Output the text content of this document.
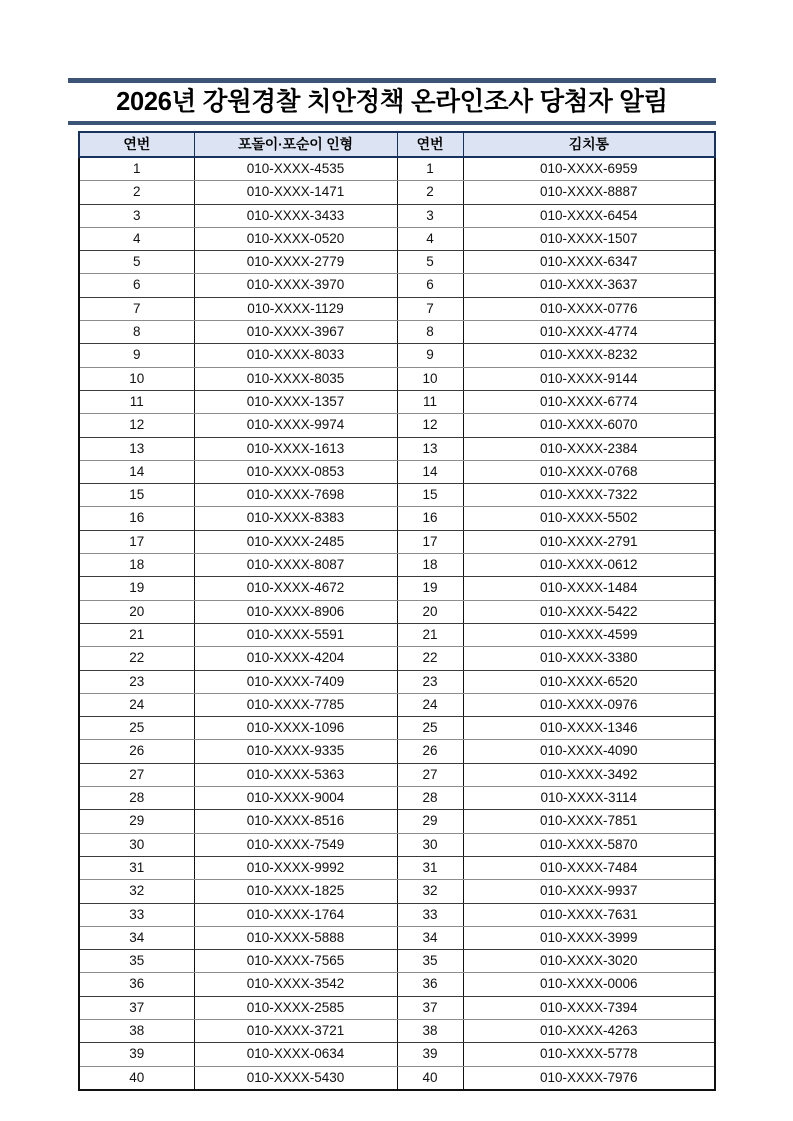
2026년 강원경찰 치안정책 온라인조사 당첨자 알림
연번	포돌이·포순이 인형	연번	김치통
1	010-XXXX-4535	1	010-XXXX-6959
2	010-XXXX-1471	2	010-XXXX-8887
3	010-XXXX-3433	3	010-XXXX-6454
4	010-XXXX-0520	4	010-XXXX-1507
5	010-XXXX-2779	5	010-XXXX-6347
6	010-XXXX-3970	6	010-XXXX-3637
7	010-XXXX-1129	7	010-XXXX-0776
8	010-XXXX-3967	8	010-XXXX-4774
9	010-XXXX-8033	9	010-XXXX-8232
10	010-XXXX-8035	10	010-XXXX-9144
11	010-XXXX-1357	11	010-XXXX-6774
12	010-XXXX-9974	12	010-XXXX-6070
13	010-XXXX-1613	13	010-XXXX-2384
14	010-XXXX-0853	14	010-XXXX-0768
15	010-XXXX-7698	15	010-XXXX-7322
16	010-XXXX-8383	16	010-XXXX-5502
17	010-XXXX-2485	17	010-XXXX-2791
18	010-XXXX-8087	18	010-XXXX-0612
19	010-XXXX-4672	19	010-XXXX-1484
20	010-XXXX-8906	20	010-XXXX-5422
21	010-XXXX-5591	21	010-XXXX-4599
22	010-XXXX-4204	22	010-XXXX-3380
23	010-XXXX-7409	23	010-XXXX-6520
24	010-XXXX-7785	24	010-XXXX-0976
25	010-XXXX-1096	25	010-XXXX-1346
26	010-XXXX-9335	26	010-XXXX-4090
27	010-XXXX-5363	27	010-XXXX-3492
28	010-XXXX-9004	28	010-XXXX-3114
29	010-XXXX-8516	29	010-XXXX-7851
30	010-XXXX-7549	30	010-XXXX-5870
31	010-XXXX-9992	31	010-XXXX-7484
32	010-XXXX-1825	32	010-XXXX-9937
33	010-XXXX-1764	33	010-XXXX-7631
34	010-XXXX-5888	34	010-XXXX-3999
35	010-XXXX-7565	35	010-XXXX-3020
36	010-XXXX-3542	36	010-XXXX-0006
37	010-XXXX-2585	37	010-XXXX-7394
38	010-XXXX-3721	38	010-XXXX-4263
39	010-XXXX-0634	39	010-XXXX-5778
40	010-XXXX-5430	40	010-XXXX-7976
